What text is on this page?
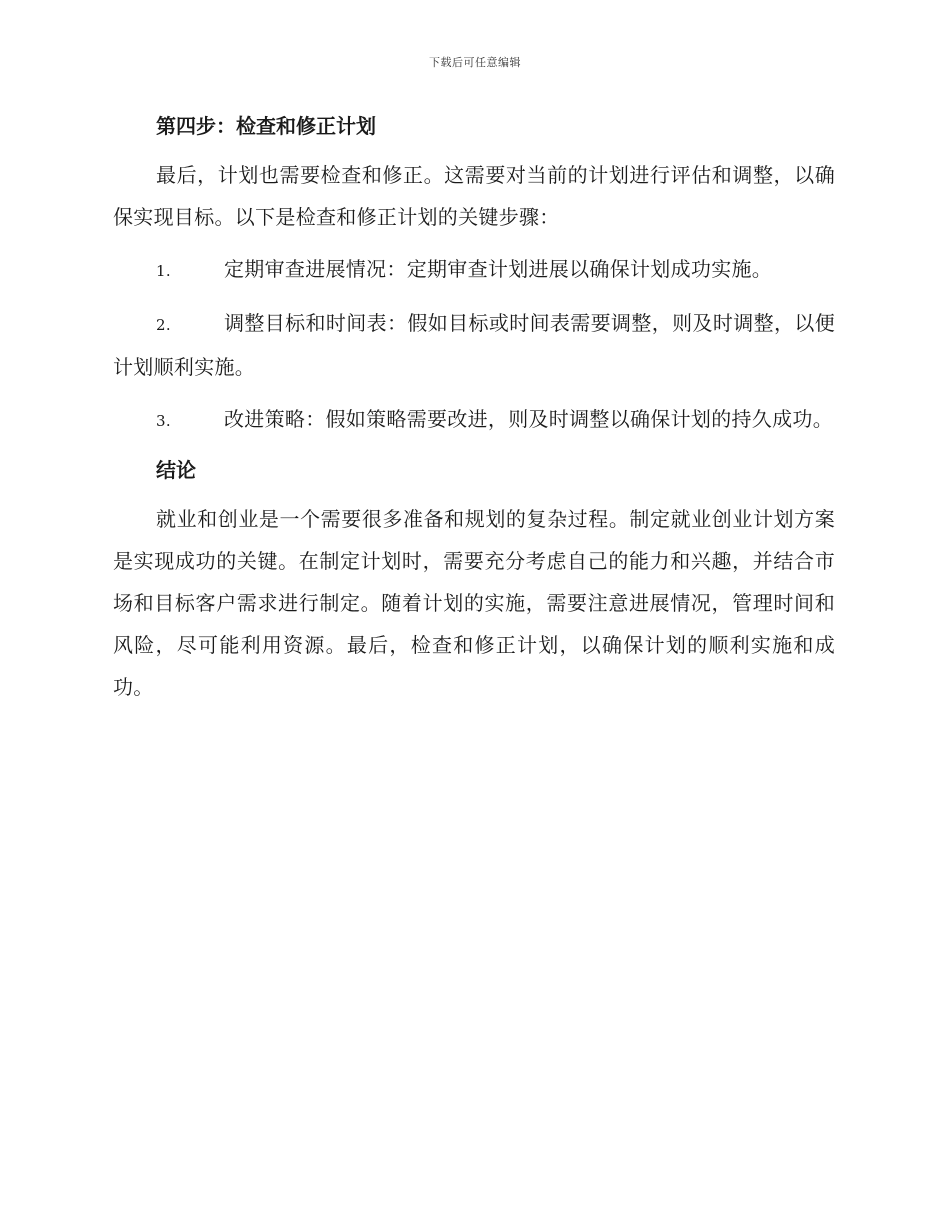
下载后可任意编辑
第四步：检查和修正计划
最后，计划也需要检查和修正。这需要对当前的计划进行评估和调整，以确保实现目标。以下是检查和修正计划的关键步骤：
1.	定期审查进展情况：定期审查计划进展以确保计划成功实施。
2.	调整目标和时间表：假如目标或时间表需要调整，则及时调整，以便计划顺利实施。
3.	改进策略：假如策略需要改进，则及时调整以确保计划的持久成功。
结论
就业和创业是一个需要很多准备和规划的复杂过程。制定就业创业计划方案是实现成功的关键。在制定计划时，需要充分考虑自己的能力和兴趣，并结合市场和目标客户需求进行制定。随着计划的实施，需要注意进展情况，管理时间和风险，尽可能利用资源。最后，检查和修正计划，以确保计划的顺利实施和成功。
